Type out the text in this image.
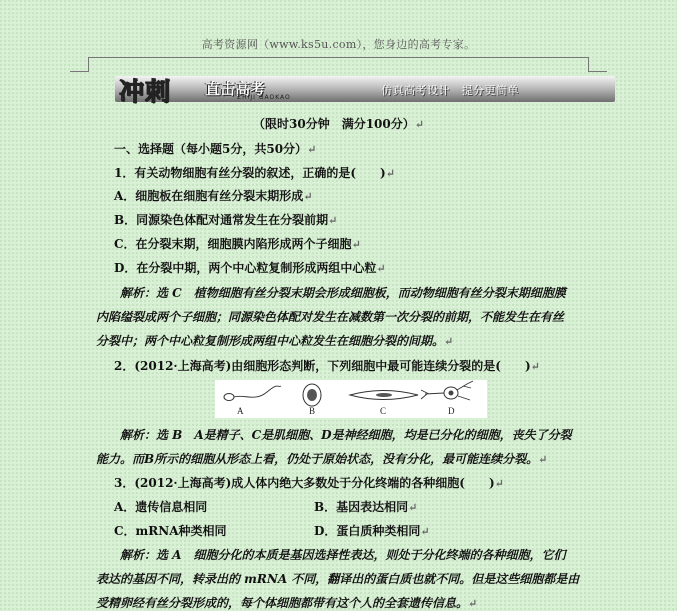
高考资源网（www.ks5u.com），您身边的高考专家。
冲刺 直击高考
ZHIJI GAOKAO
仿真高考设计　提分更简单
（限时30分钟　满分100分）↵
一、选择题（每小题5分，共50分）↵
1．有关动物细胞有丝分裂的叙述，正确的是(　　)↵
A．细胞板在细胞有丝分裂末期形成↵
B．同源染色体配对通常发生在分裂前期↵
C．在分裂末期，细胞膜内陷形成两个子细胞↵
D．在分裂中期，两个中心粒复制形成两组中心粒↵
解析：选 C　植物细胞有丝分裂末期会形成细胞板，而动物细胞有丝分裂末期细胞膜
内陷缢裂成两个子细胞；同源染色体配对发生在减数第一次分裂的前期，不能发生在有丝
分裂中；两个中心粒复制形成两组中心粒发生在细胞分裂的间期。↵
2．(2012·上海高考)由细胞形态判断，下列细胞中最可能连续分裂的是(　　)↵
A	B	C	D
解析：选 B　A是精子、C是肌细胞、D是神经细胞，均是已分化的细胞，丧失了分裂
能力。而B所示的细胞从形态上看，仍处于原始状态，没有分化，最可能连续分裂。↵
3．(2012·上海高考)成人体内绝大多数处于分化终端的各种细胞(　　)↵
A．遗传信息相同	B．基因表达相同↵
C．mRNA种类相同	D．蛋白质种类相同↵
解析：选 A　细胞分化的本质是基因选择性表达，则处于分化终端的各种细胞，它们
表达的基因不同，转录出的 mRNA 不同，翻译出的蛋白质也就不同。但是这些细胞都是由
受精卵经有丝分裂形成的，每个体细胞都带有这个人的全套遗传信息。↵
